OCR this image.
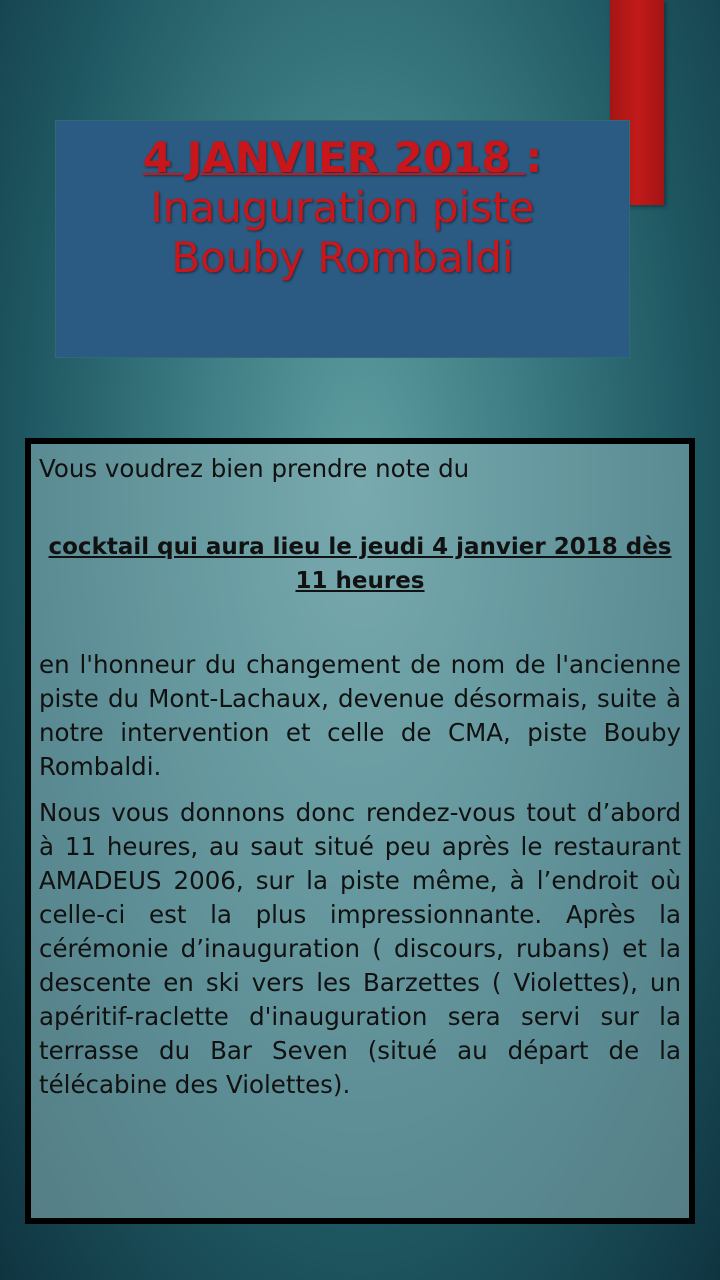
4 JANVIER 2018 :
Inauguration piste
Bouby Rombaldi

Vous voudrez bien prendre note du

cocktail qui aura lieu le jeudi 4 janvier 2018 dès 11 heures

en l'honneur du changement de nom de l'ancienne piste du Mont-Lachaux, devenue désormais, suite à notre intervention et celle de CMA, piste Bouby Rombaldi.

Nous vous donnons donc rendez-vous tout d’abord à 11 heures, au saut situé peu après le restaurant AMADEUS 2006, sur la piste même, à l’endroit où celle-ci est la plus impressionnante. Après la cérémonie d’inauguration ( discours, rubans) et la descente en ski vers les Barzettes ( Violettes), un apéritif-raclette d'inauguration sera servi sur la terrasse du Bar Seven (situé au départ de la télécabine des Violettes).
